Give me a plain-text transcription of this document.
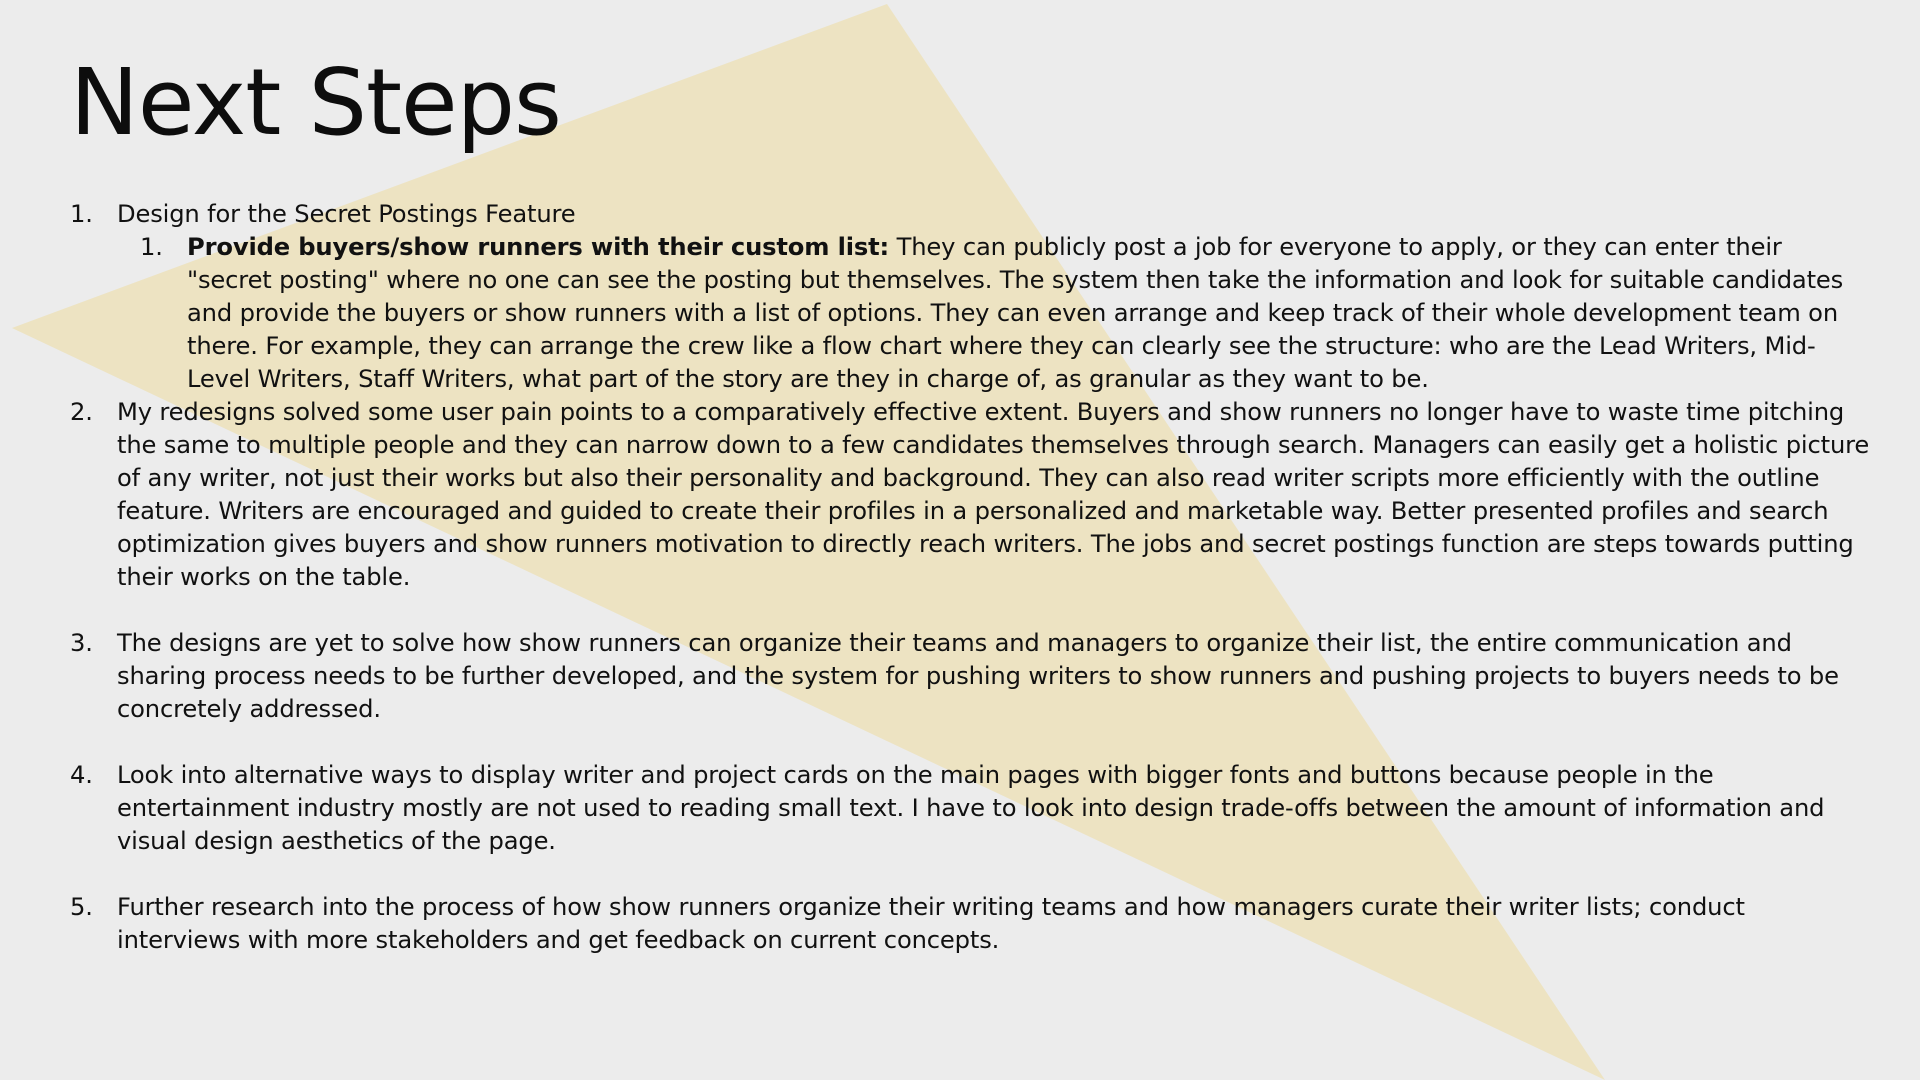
Next Steps
1.	Design for the Secret Postings Feature
1.	Provide buyers/show runners with their custom list: They can publicly post a job for everyone to apply, or they can enter their "secret posting" where no one can see the posting but themselves. The system then take the information and look for suitable candidates and provide the buyers or show runners with a list of options. They can even arrange and keep track of their whole development team on there. For example, they can arrange the crew like a flow chart where they can clearly see the structure: who are the Lead Writers, Mid-Level Writers, Staff Writers, what part of the story are they in charge of, as granular as they want to be.
2.	My redesigns solved some user pain points to a comparatively effective extent. Buyers and show runners no longer have to waste time pitching the same to multiple people and they can narrow down to a few candidates themselves through search. Managers can easily get a holistic picture of any writer, not just their works but also their personality and background. They can also read writer scripts more efficiently with the outline feature. Writers are encouraged and guided to create their profiles in a personalized and marketable way. Better presented profiles and search optimization gives buyers and show runners motivation to directly reach writers. The jobs and secret postings function are steps towards putting their works on the table.
3.	The designs are yet to solve how show runners can organize their teams and managers to organize their list, the entire communication and sharing process needs to be further developed, and the system for pushing writers to show runners and pushing projects to buyers needs to be concretely addressed.
4.	Look into alternative ways to display writer and project cards on the main pages with bigger fonts and buttons because people in the entertainment industry mostly are not used to reading small text. I have to look into design trade-offs between the amount of information and visual design aesthetics of the page.
5.	Further research into the process of how show runners organize their writing teams and how managers curate their writer lists; conduct interviews with more stakeholders and get feedback on current concepts.
